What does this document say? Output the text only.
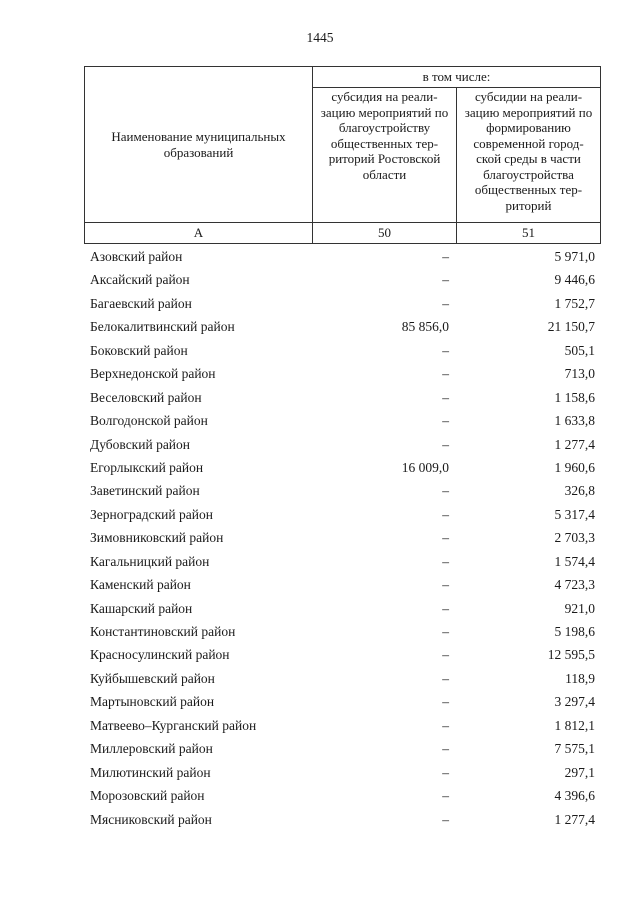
1445
Наименование муниципальных образований	в том числе:	
	субсидия на реали-зацию мероприятий по благоустройству общественных тер-риторий Ростовской области	субсидии на реали-зацию мероприятий по формированию современной город-ской среды в части благоустройства общественных тер-риторий
А	50	51
Азовский район	–	5 971,0
Аксайский район	–	9 446,6
Багаевский район	–	1 752,7
Белокалитвинский район	85 856,0	21 150,7
Боковский район	–	505,1
Верхнедонской район	–	713,0
Веселовский район	–	1 158,6
Волгодонской район	–	1 633,8
Дубовский район	–	1 277,4
Егорлыкский район	16 009,0	1 960,6
Заветинский район	–	326,8
Зерноградский район	–	5 317,4
Зимовниковский район	–	2 703,3
Кагальницкий район	–	1 574,4
Каменский район	–	4 723,3
Кашарский район	–	921,0
Константиновский район	–	5 198,6
Красносулинский район	–	12 595,5
Куйбышевский район	–	118,9
Мартыновский район	–	3 297,4
Матвеево–Курганский район	–	1 812,1
Миллеровский район	–	7 575,1
Милютинский район	–	297,1
Морозовский район	–	4 396,6
Мясниковский район	–	1 277,4
